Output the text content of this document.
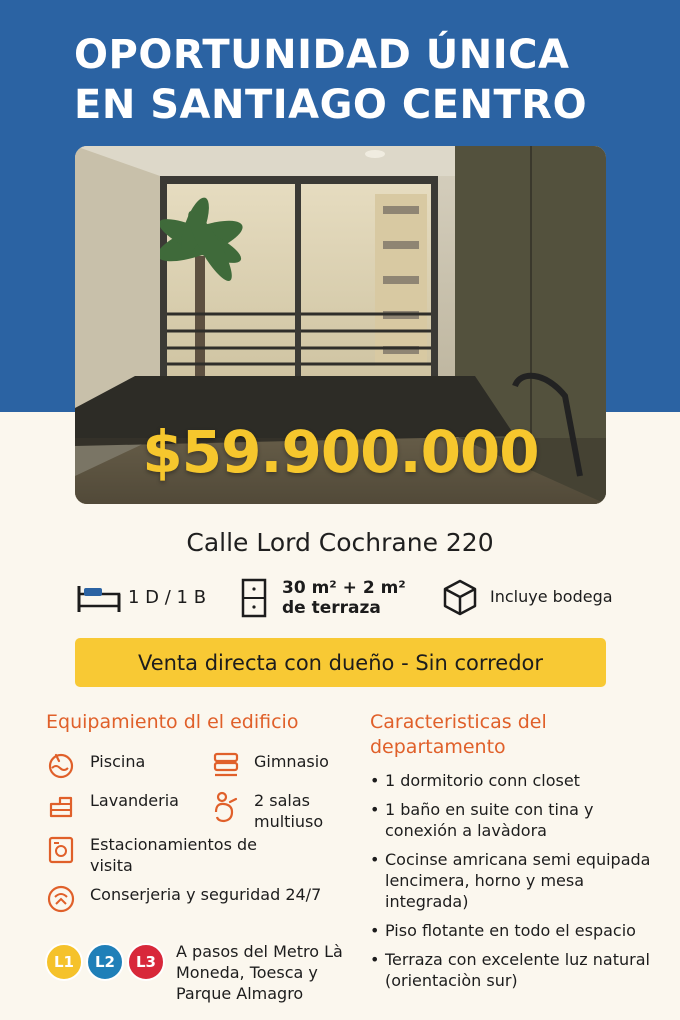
OPORTUNIDAD ÚNICA
EN SANTIAGO CENTRO
$59.900.000
Calle Lord Cochrane 220
1 D / 1 B	30 m² + 2 m²
de terraza
Incluye bodega
Venta directa con dueño - Sin corredor
Equipamiento dl el edificio
Piscina	Gimnasio
Lavanderia	2 salas multiuso
Estacionamientos de visita
Conserjeria y seguridad 24/7
Caracteristicas del departamento
• 1 dormitorio conn closet
• 1 baño en suite con tina y conexión a lavàdora
• Cocinse amricana semi equipada lencimera, horno y mesa integrada)
• Piso flotante en todo el espacio
• Terraza con excelente luz natural (orientaciòn sur)
L1	L2	L3
A pasos del Metro Là Moneda, Toesca y Parque Almagro
